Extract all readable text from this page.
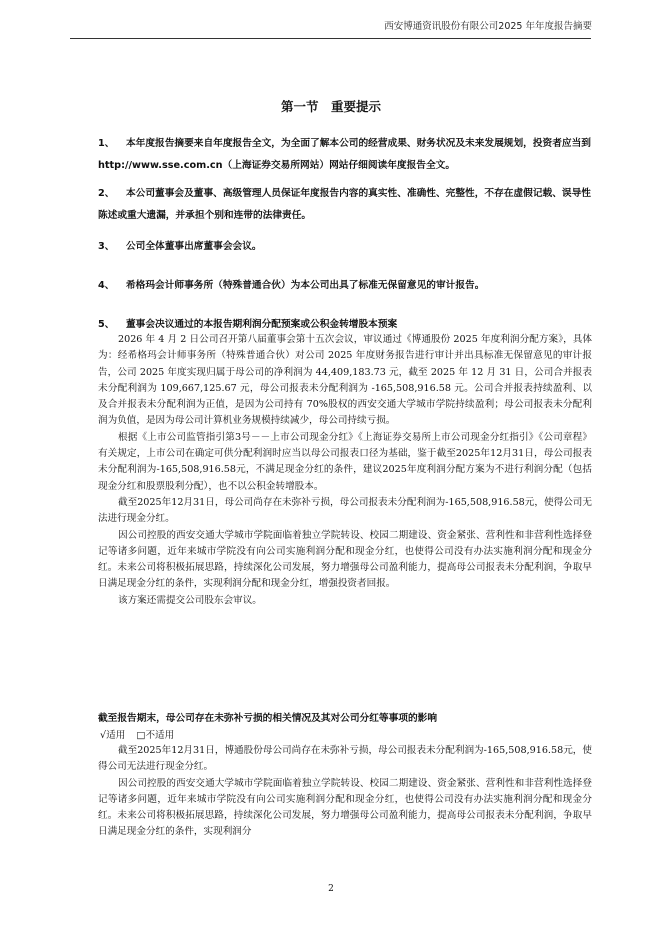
西安博通资讯股份有限公司2025 年年度报告摘要
第一节　重要提示
1、	本年度报告摘要来自年度报告全文，为全面了解本公司的经营成果、财务状况及未来发展规划，投资者应当到 http://www.sse.com.cn（上海证券交易所网站）网站仔细阅读年度报告全文。
2、	本公司董事会及董事、高级管理人员保证年度报告内容的真实性、准确性、完整性，不存在虚假记载、误导性陈述或重大遗漏，并承担个别和连带的法律责任。
3、	公司全体董事出席董事会会议。
4、	希格玛会计师事务所（特殊普通合伙）为本公司出具了标准无保留意见的审计报告。
5、	董事会决议通过的本报告期利润分配预案或公积金转增股本预案

2026 年 4 月 2 日公司召开第八届董事会第十五次会议，审议通过《博通股份 2025 年度利润分配方案》，具体为：经希格玛会计师事务所（特殊普通合伙）对公司 2025 年度财务报告进行审计并出具标准无保留意见的审计报告，公司 2025 年度实现归属于母公司的净利润为 44,409,183.73 元，截至 2025 年 12 月 31 日，公司合并报表未分配利润为 109,667,125.67 元，母公司报表未分配利润为 -165,508,916.58 元。公司合并报表持续盈利、以及合并报表未分配利润为正值，是因为公司持有 70%股权的西安交通大学城市学院持续盈利；母公司报表未分配利润为负值，是因为母公司计算机业务规模持续减少，母公司持续亏损。

根据《上市公司监管指引第3号－－上市公司现金分红》《上海证券交易所上市公司现金分红指引》《公司章程》有关规定，上市公司在确定可供分配利润时应当以母公司报表口径为基础，鉴于截至2025年12月31日，母公司报表未分配利润为-165,508,916.58元，不满足现金分红的条件，建议2025年度利润分配方案为不进行利润分配（包括现金分红和股票股利分配），也不以公积金转增股本。

截至2025年12月31日，母公司尚存在未弥补亏损，母公司报表未分配利润为-165,508,916.58元，使得公司无法进行现金分红。

因公司控股的西安交通大学城市学院面临着独立学院转设、校园二期建设、资金紧张、营利性和非营利性选择登记等诸多问题，近年来城市学院没有向公司实施利润分配和现金分红，也使得公司没有办法实施利润分配和现金分红。未来公司将积极拓展思路，持续深化公司发展，努力增强母公司盈利能力，提高母公司报表未分配利润，争取早日满足现金分红的条件，实现利润分配和现金分红，增强投资者回报。

该方案还需提交公司股东会审议。

截至报告期末，母公司存在未弥补亏损的相关情况及其对公司分红等事项的影响
√适用 □不适用

截至2025年12月31日，博通股份母公司尚存在未弥补亏损，母公司报表未分配利润为-165,508,916.58元，使得公司无法进行现金分红。

因公司控股的西安交通大学城市学院面临着独立学院转设、校园二期建设、资金紧张、营利性和非营利性选择登记等诸多问题，近年来城市学院没有向公司实施利润分配和现金分红，也使得公司没有办法实施利润分配和现金分红。未来公司将积极拓展思路，持续深化公司发展，努力增强母公司盈利能力，提高母公司报表未分配利润，争取早日满足现金分红的条件，实现利润分

2
